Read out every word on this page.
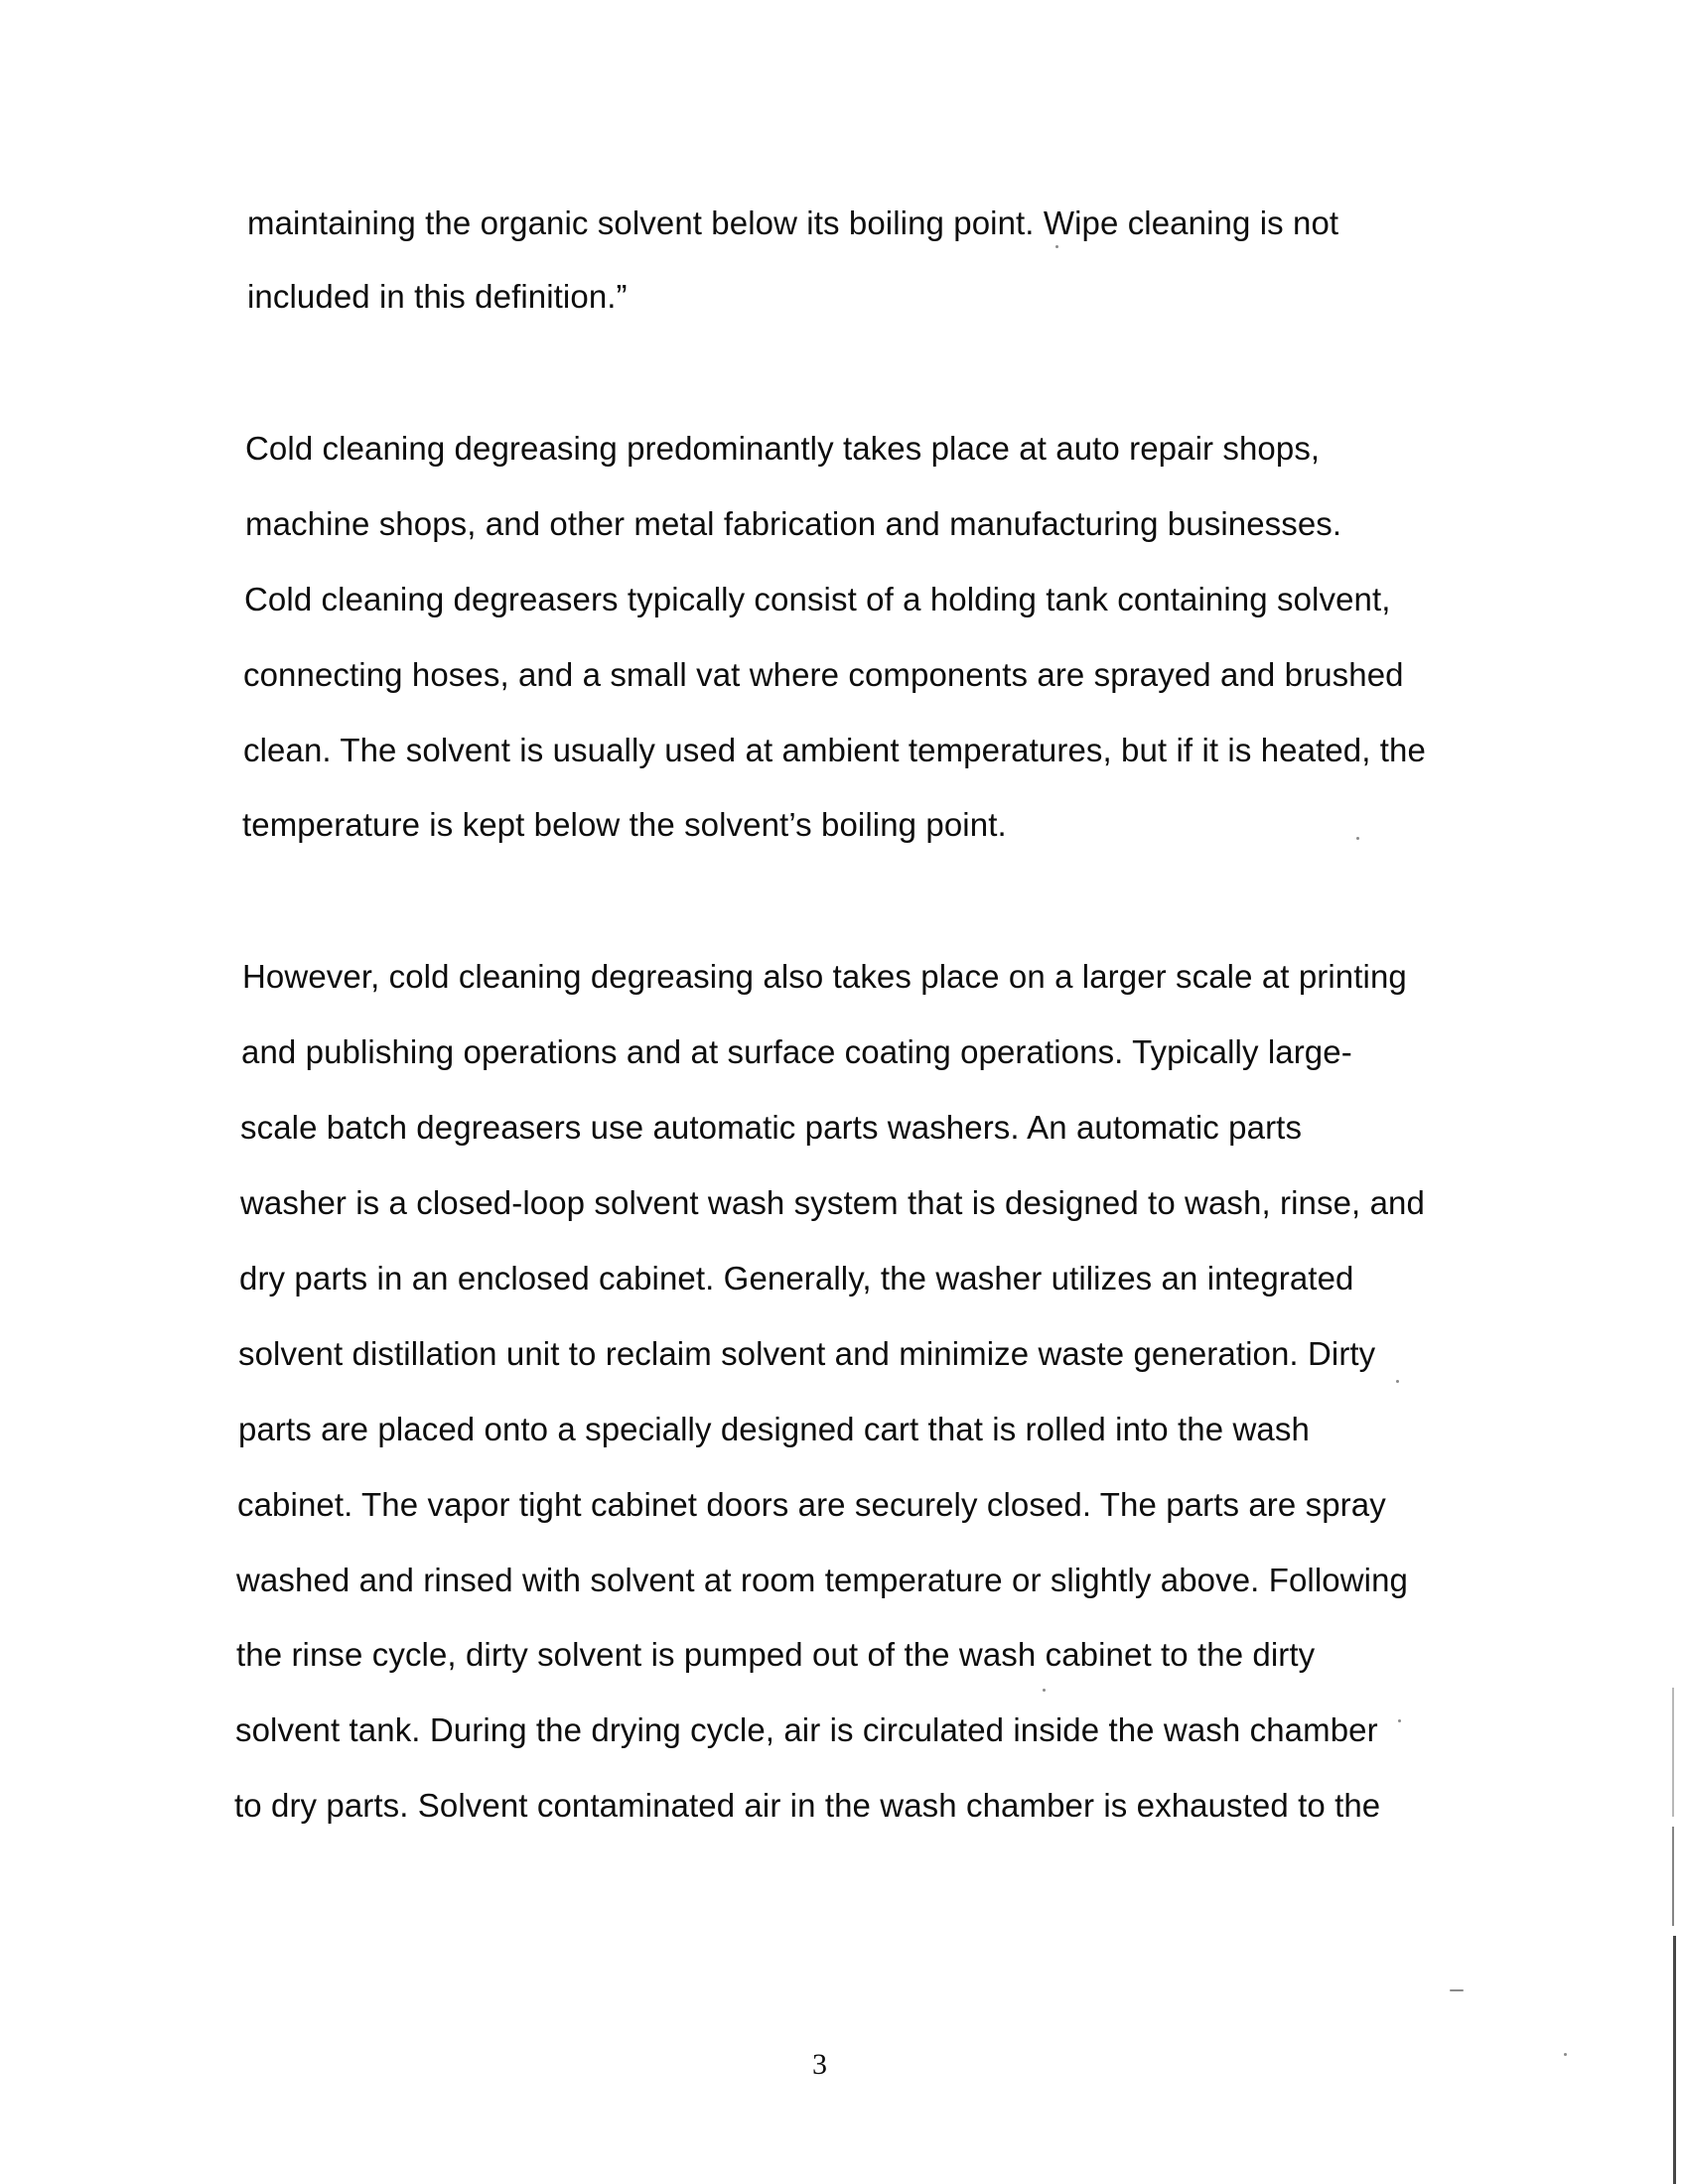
maintaining the organic solvent below its boiling point. Wipe cleaning is not
included in this definition.”
Cold cleaning degreasing predominantly takes place at auto repair shops,
machine shops, and other metal fabrication and manufacturing businesses.
Cold cleaning degreasers typically consist of a holding tank containing solvent,
connecting hoses, and a small vat where components are sprayed and brushed
clean. The solvent is usually used at ambient temperatures, but if it is heated, the
temperature is kept below the solvent’s boiling point.
However, cold cleaning degreasing also takes place on a larger scale at printing
and publishing operations and at surface coating operations. Typically large-
scale batch degreasers use automatic parts washers. An automatic parts
washer is a closed-loop solvent wash system that is designed to wash, rinse, and
dry parts in an enclosed cabinet. Generally, the washer utilizes an integrated
solvent distillation unit to reclaim solvent and minimize waste generation. Dirty
parts are placed onto a specially designed cart that is rolled into the wash
cabinet. The vapor tight cabinet doors are securely closed. The parts are spray
washed and rinsed with solvent at room temperature or slightly above. Following
the rinse cycle, dirty solvent is pumped out of the wash cabinet to the dirty
solvent tank. During the drying cycle, air is circulated inside the wash chamber
to dry parts. Solvent contaminated air in the wash chamber is exhausted to the
3
